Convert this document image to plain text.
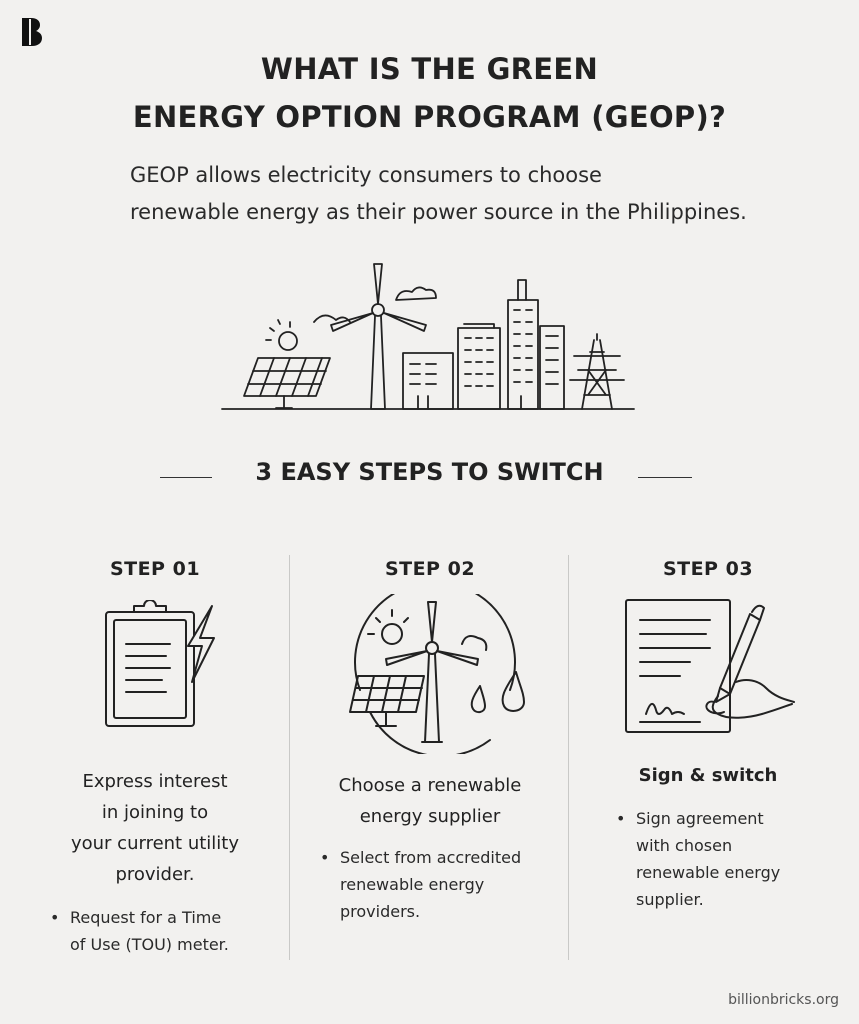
WHAT IS THE GREEN
ENERGY OPTION PROGRAM (GEOP)?
GEOP allows electricity consumers to choose
renewable energy as their power source in the Philippines.
3 EASY STEPS TO SWITCH
STEP 01
Express interest
in joining to
your current utility
provider.
• Request for a Time
of Use (TOU) meter.
STEP 02
Choose a renewable
energy supplier
• Select from accredited
renewable energy
providers.
STEP 03
Sign & switch
• Sign agreement
with chosen
renewable energy
supplier.
billionbricks.org
